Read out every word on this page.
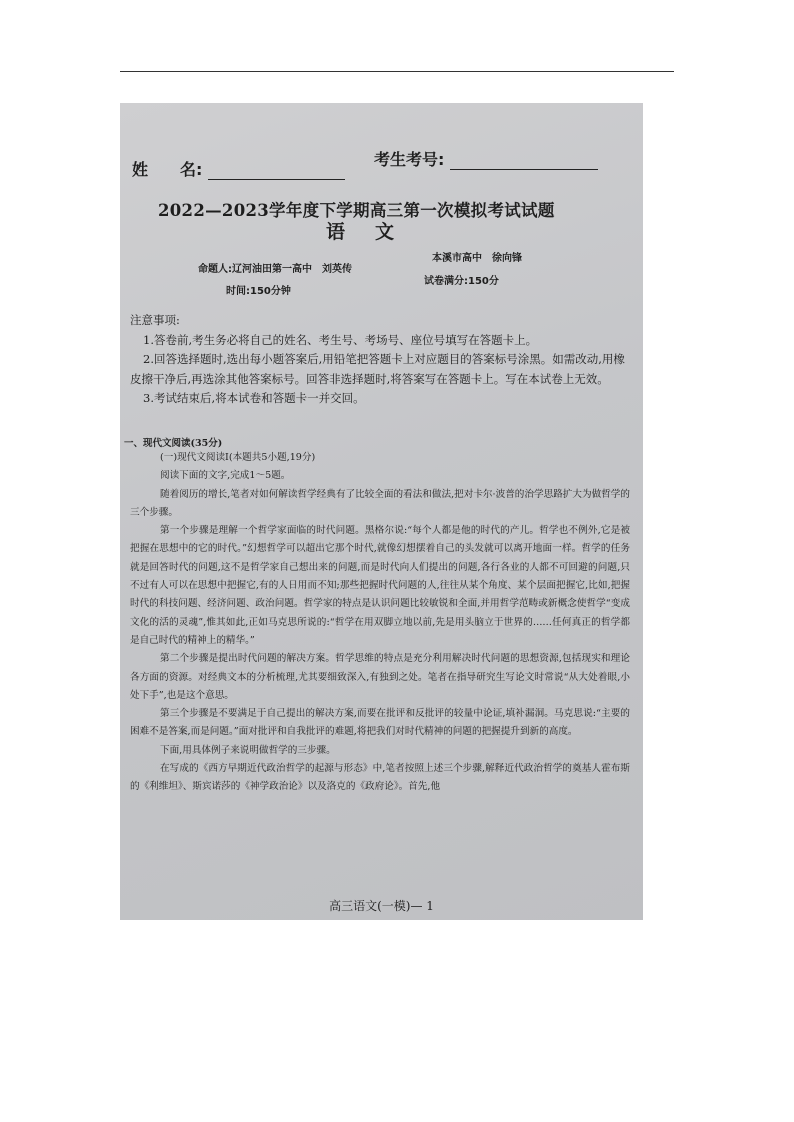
姓　　名:
考生考号:
2022—2023学年度下学期高三第一次模拟考试试题
语文
命题人:辽河油田第一高中　刘英传
本溪市高中　徐向锋
时间:150分钟
试卷满分:150分

注意事项:

1.答卷前,考生务必将自己的姓名、考生号、考场号、座位号填写在答题卡上。

2.回答选择题时,选出每小题答案后,用铅笔把答题卡上对应题目的答案标号涂黑。如需改动,用橡皮擦干净后,再选涂其他答案标号。回答非选择题时,将答案写在答题卡上。写在本试卷上无效。

3.考试结束后,将本试卷和答题卡一并交回。

一、现代文阅读(35分)

(一)现代文阅读Ⅰ(本题共5小题,19分)

阅读下面的文字,完成1～5题。

随着阅历的增长,笔者对如何解读哲学经典有了比较全面的看法和做法,把对卡尔·波普的治学思路扩大为做哲学的三个步骤。

第一个步骤是理解一个哲学家面临的时代问题。黑格尔说:“每个人都是他的时代的产儿。哲学也不例外,它是被把握在思想中的它的时代。”幻想哲学可以超出它那个时代,就像幻想摆着自己的头发就可以离开地面一样。哲学的任务就是回答时代的问题,这不是哲学家自己想出来的问题,而是时代向人们提出的问题,各行各业的人都不可回避的问题,只不过有人可以在思想中把握它,有的人日用而不知;那些把握时代问题的人,往往从某个角度、某个层面把握它,比如,把握时代的科技问题、经济问题、政治问题。哲学家的特点是认识问题比较敏锐和全面,并用哲学范畴或新概念使哲学“变成文化的活的灵魂”,惟其如此,正如马克思所说的:“哲学在用双脚立地以前,先是用头脑立于世界的……任何真正的哲学都是自己时代的精神上的精华。”

第二个步骤是提出时代问题的解决方案。哲学思维的特点是充分利用解决时代问题的思想资源,包括现实和理论各方面的资源。对经典文本的分析梳理,尤其要细致深入,有独到之处。笔者在指导研究生写论文时常说“从大处着眼,小处下手”,也是这个意思。

第三个步骤是不要满足于自己提出的解决方案,而要在批评和反批评的较量中论证,填补漏洞。马克思说:“主要的困难不是答案,而是问题。”面对批评和自我批评的难题,将把我们对时代精神的问题的把握提升到新的高度。

下面,用具体例子来说明做哲学的三步骤。

在写成的《西方早期近代政治哲学的起源与形态》中,笔者按照上述三个步骤,解释近代政治哲学的奠基人霍布斯的《利维坦》、斯宾诺莎的《神学政治论》以及洛克的《政府论》。首先,他

高三语文(一模)— 1
